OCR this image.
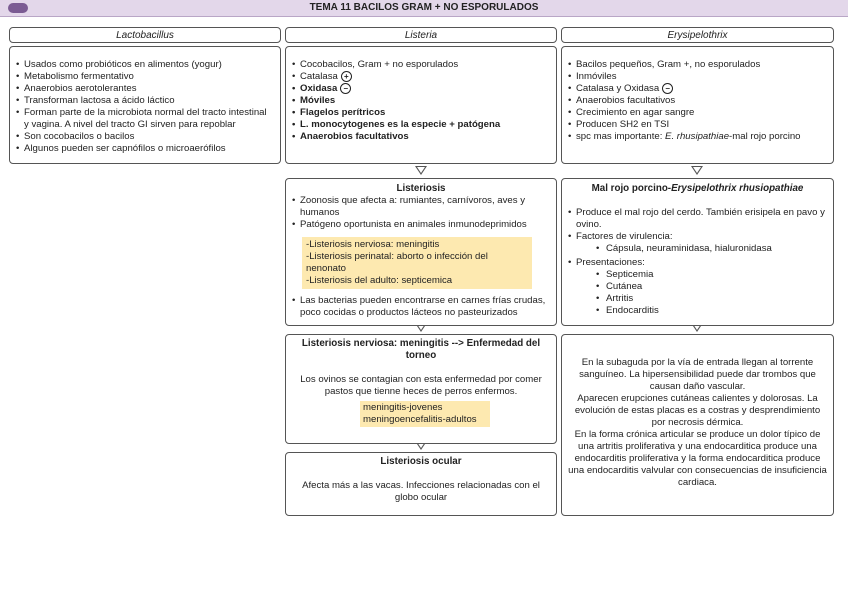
TEMA 11 BACILOS GRAM + NO ESPORULADOS
Lactobacillus	Listeria	Erysipelothrix
• Usados como probióticos en alimentos (yogur)
• Metabolismo fermentativo
• Anaerobios aerotolerantes
• Transforman lactosa a ácido láctico
• Forman parte de la microbiota normal del tracto intestinal y vagina. A nivel del tracto GI sirven para repoblar
• Son cocobacilos o bacilos
• Algunos pueden ser capnófilos o microaerófilos
• Cocobacilos, Gram + no esporulados
• Catalasa +
• Oxidasa –
• Móviles
• Flagelos perítricos
• L. monocytogenes es la especie + patógena
• Anaerobios facultativos
• Bacilos pequeños, Gram +, no esporulados
• Inmóviles
• Catalasa y Oxidasa –
• Anaerobios facultativos
• Crecimiento en agar sangre
• Producen SH2 en TSI
• spc mas importante: E. rhusipathiae-mal rojo porcino
Listeriosis
• Zoonosis que afecta a: rumiantes, carnívoros, aves y humanos
• Patógeno oportunista en animales inmunodeprimidos
-Listeriosis nerviosa: meningitis
-Listeriosis perinatal: aborto o infección del nenonato
-Listeriosis del adulto: septicemica
• Las bacterias pueden encontrarse en carnes frías crudas, poco cocidas o productos lácteos no pasteurizados
Mal rojo porcino-Erysipelothrix rhusiopathiae
• Produce el mal rojo del cerdo. También erisipela en pavo y ovino.
• Factores de virulencia:
• Cápsula, neuraminidasa, hialuronidasa
• Presentaciones:
• Septicemia
• Cutánea
• Artritis
• Endocarditis
Listeriosis nerviosa: meningitis --> Enfermedad del torneo
Los ovinos se contagian con esta enfermedad por comer pastos que tienne heces de perros enfermos.
meningitis-jovenes
meningoencefalitis-adultos
Listeriosis ocular
Afecta más a las vacas. Infecciones relacionadas con el globo ocular
En la subaguda por la vía de entrada llegan al torrente sanguíneo. La hipersensibilidad puede dar trombos que causan daño vascular.
Aparecen erupciones cutáneas calientes y dolorosas. La evolución de estas placas es a costras y desprendimiento por necrosis dérmica.
En la forma crónica articular se produce un dolor típico de una artritis proliferativa y una endocarditica produce una endocarditis proliferativa y la forma endocarditica produce una endocarditis valvular con consecuencias de insuficiencia cardiaca.
